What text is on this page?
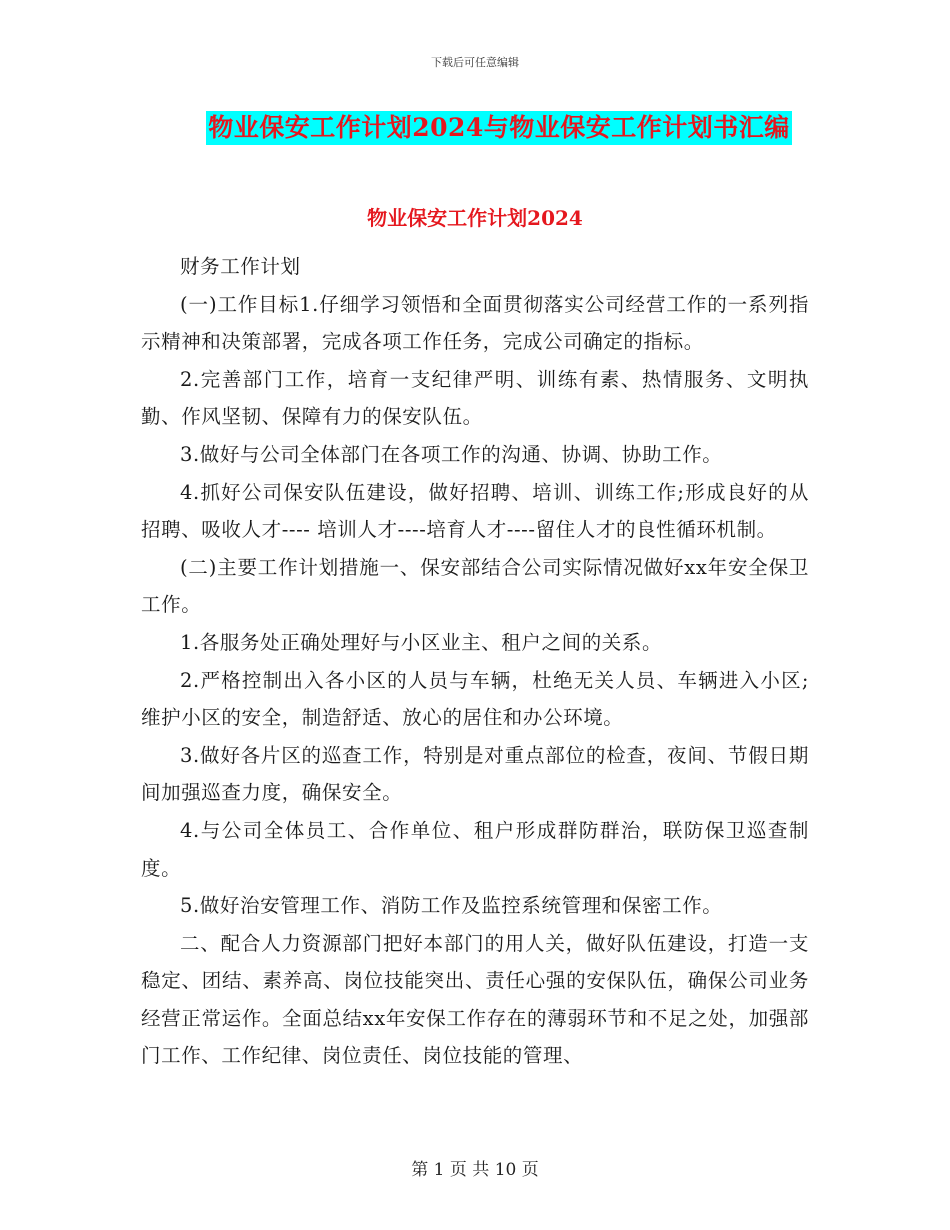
下载后可任意编辑
物业保安工作计划2024与物业保安工作计划书汇编
物业保安工作计划2024

财务工作计划

(一)工作目标1.仔细学习领悟和全面贯彻落实公司经营工作的一系列指示精神和决策部署，完成各项工作任务，完成公司确定的指标。

2.完善部门工作，培育一支纪律严明、训练有素、热情服务、文明执勤、作风坚韧、保障有力的保安队伍。

3.做好与公司全体部门在各项工作的沟通、协调、协助工作。

4.抓好公司保安队伍建设，做好招聘、培训、训练工作;形成良好的从招聘、吸收人才---- 培训人才----培育人才----留住人才的良性循环机制。

(二)主要工作计划措施一、保安部结合公司实际情况做好xx年安全保卫工作。

1.各服务处正确处理好与小区业主、租户之间的关系。

2.严格控制出入各小区的人员与车辆，杜绝无关人员、车辆进入小区;维护小区的安全，制造舒适、放心的居住和办公环境。

3.做好各片区的巡查工作，特别是对重点部位的检查，夜间、节假日期间加强巡查力度，确保安全。

4.与公司全体员工、合作单位、租户形成群防群治，联防保卫巡查制度。

5.做好治安管理工作、消防工作及监控系统管理和保密工作。

二、配合人力资源部门把好本部门的用人关，做好队伍建设，打造一支稳定、团结、素养高、岗位技能突出、责任心强的安保队伍，确保公司业务经营正常运作。全面总结xx年安保工作存在的薄弱环节和不足之处，加强部门工作、工作纪律、岗位责任、岗位技能的管理、

第 1 页 共 10 页
